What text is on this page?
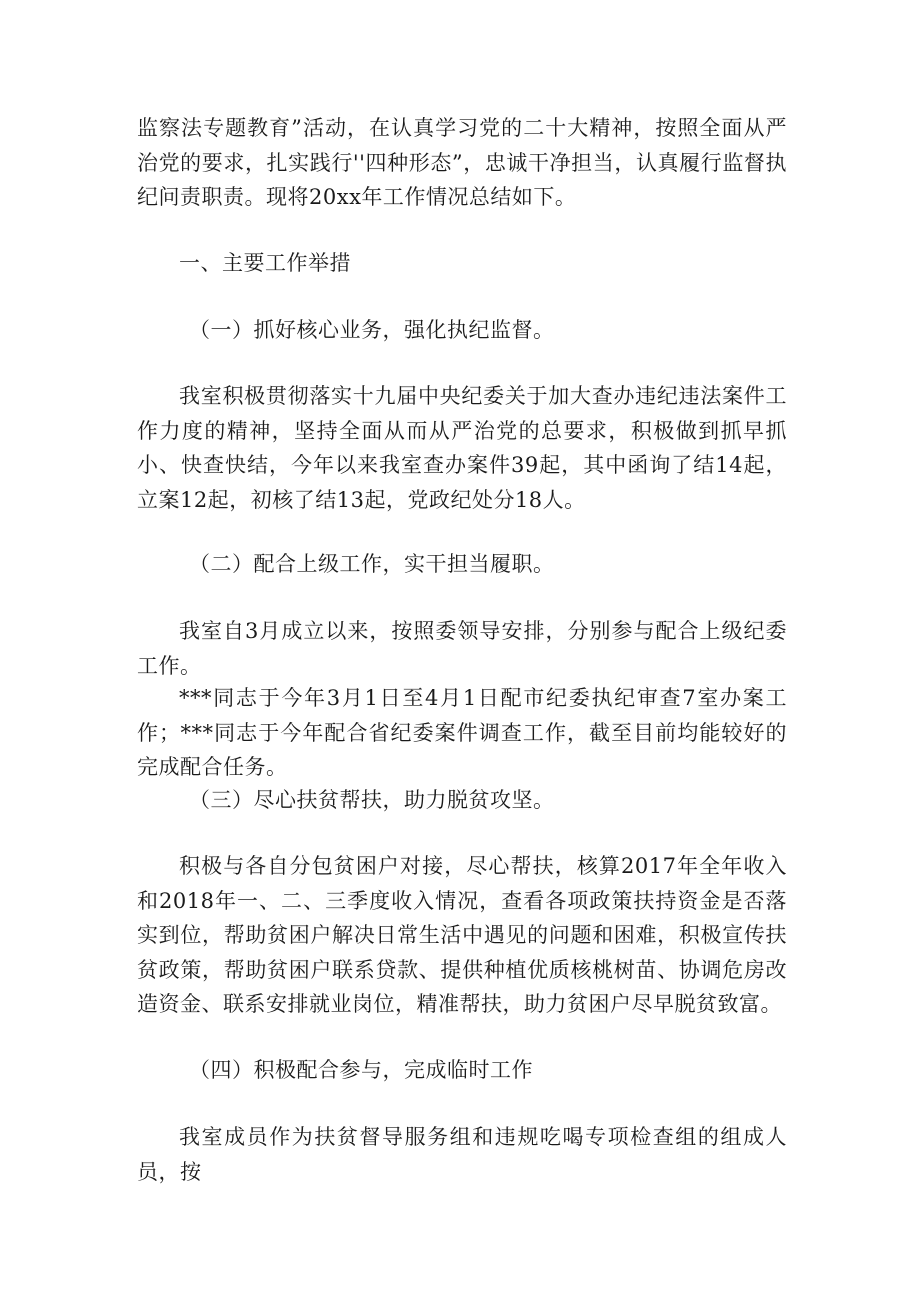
监察法专题教育”活动，在认真学习党的二十大精神，按照全面从严治党的要求，扎实践行''四种形态”，忠诚干净担当，认真履行监督执纪问责职责。现将20xx年工作情况总结如下。

一、主要工作举措

（一）抓好核心业务，强化执纪监督。

我室积极贯彻落实十九届中央纪委关于加大查办违纪违法案件工作力度的精神，坚持全面从而从严治党的总要求，积极做到抓早抓小、快查快结，今年以来我室查办案件39起，其中函询了结14起，立案12起，初核了结13起，党政纪处分18人。

（二）配合上级工作，实干担当履职。

我室自3月成立以来，按照委领导安排，分别参与配合上级纪委工作。

***同志于今年3月1日至4月1日配市纪委执纪审查7室办案工作；***同志于今年配合省纪委案件调查工作，截至目前均能较好的完成配合任务。

（三）尽心扶贫帮扶，助力脱贫攻坚。

积极与各自分包贫困户对接，尽心帮扶，核算2017年全年收入和2018年一、二、三季度收入情况，查看各项政策扶持资金是否落实到位，帮助贫困户解决日常生活中遇见的问题和困难，积极宣传扶贫政策，帮助贫困户联系贷款、提供种植优质核桃树苗、协调危房改造资金、联系安排就业岗位，精准帮扶，助力贫困户尽早脱贫致富。

（四）积极配合参与，完成临时工作

我室成员作为扶贫督导服务组和违规吃喝专项检查组的组成人员，按
